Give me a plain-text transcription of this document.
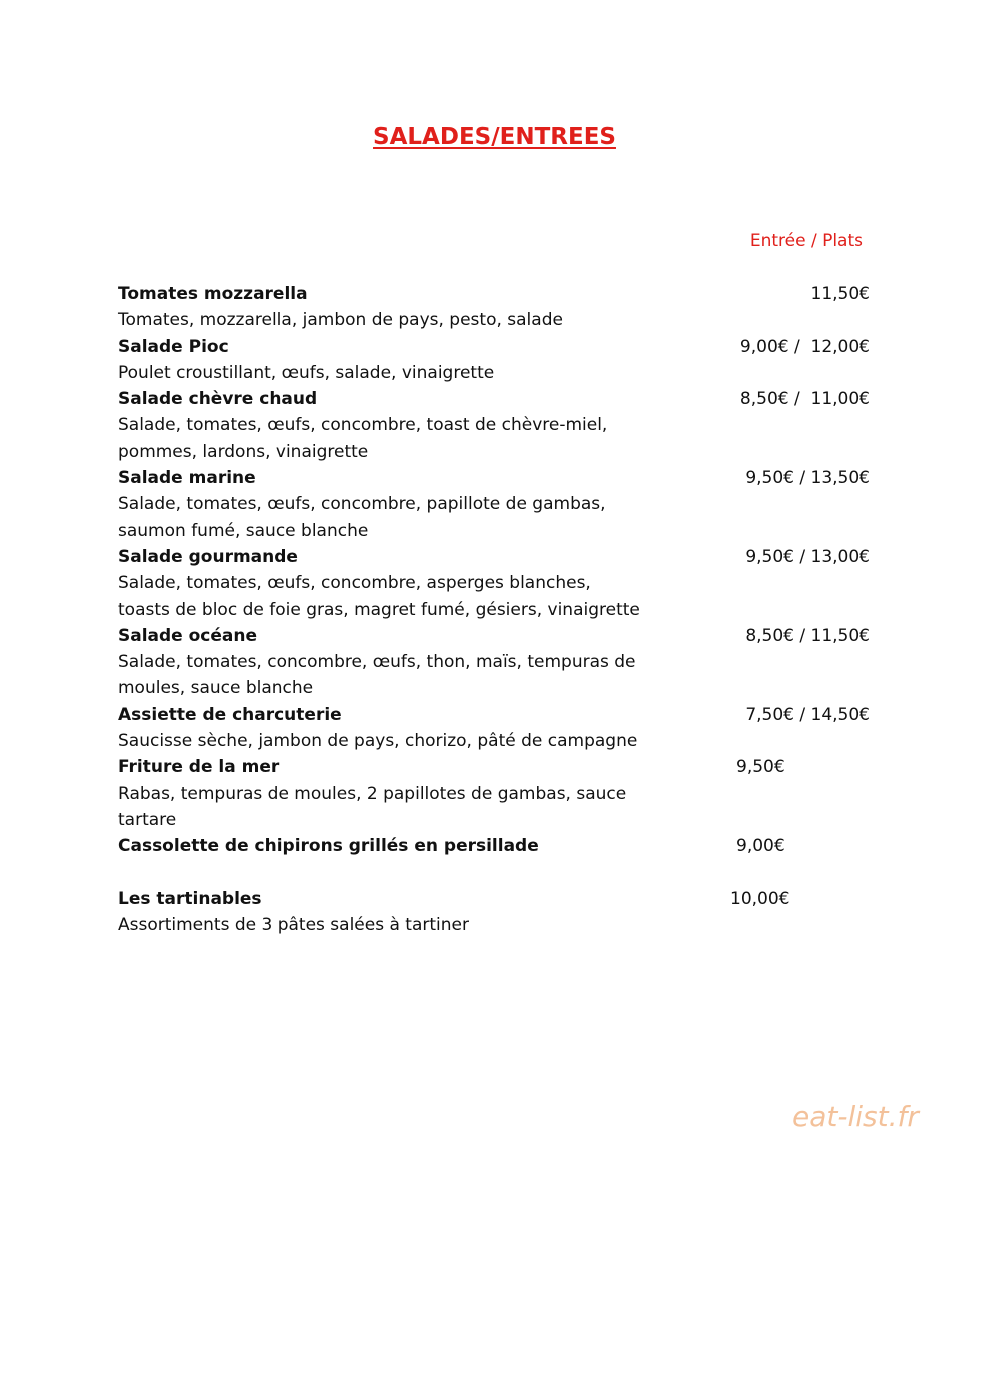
SALADES/ENTREES
Entrée / Plats
Tomates mozzarella	11,50€
Tomates, mozzarella, jambon de pays, pesto, salade
Salade Pioc	9,00€ /  12,00€
Poulet croustillant, œufs, salade, vinaigrette
Salade chèvre chaud	8,50€ /  11,00€
Salade, tomates, œufs, concombre, toast de chèvre-miel,
pommes, lardons, vinaigrette
Salade marine	9,50€ / 13,50€
Salade, tomates, œufs, concombre, papillote de gambas,
saumon fumé, sauce blanche
Salade gourmande	9,50€ / 13,00€
Salade, tomates, œufs, concombre, asperges blanches,
toasts de bloc de foie gras, magret fumé, gésiers, vinaigrette
Salade océane	8,50€ / 11,50€
Salade, tomates, concombre, œufs, thon, maïs, tempuras de
moules, sauce blanche
Assiette de charcuterie	7,50€ / 14,50€
Saucisse sèche, jambon de pays, chorizo, pâté de campagne
Friture de la mer	9,50€
Rabas, tempuras de moules, 2 papillotes de gambas, sauce
tartare
Cassolette de chipirons grillés en persillade	9,00€
Les tartinables	10,00€
Assortiments de 3 pâtes salées à tartiner
eat-list.fr
